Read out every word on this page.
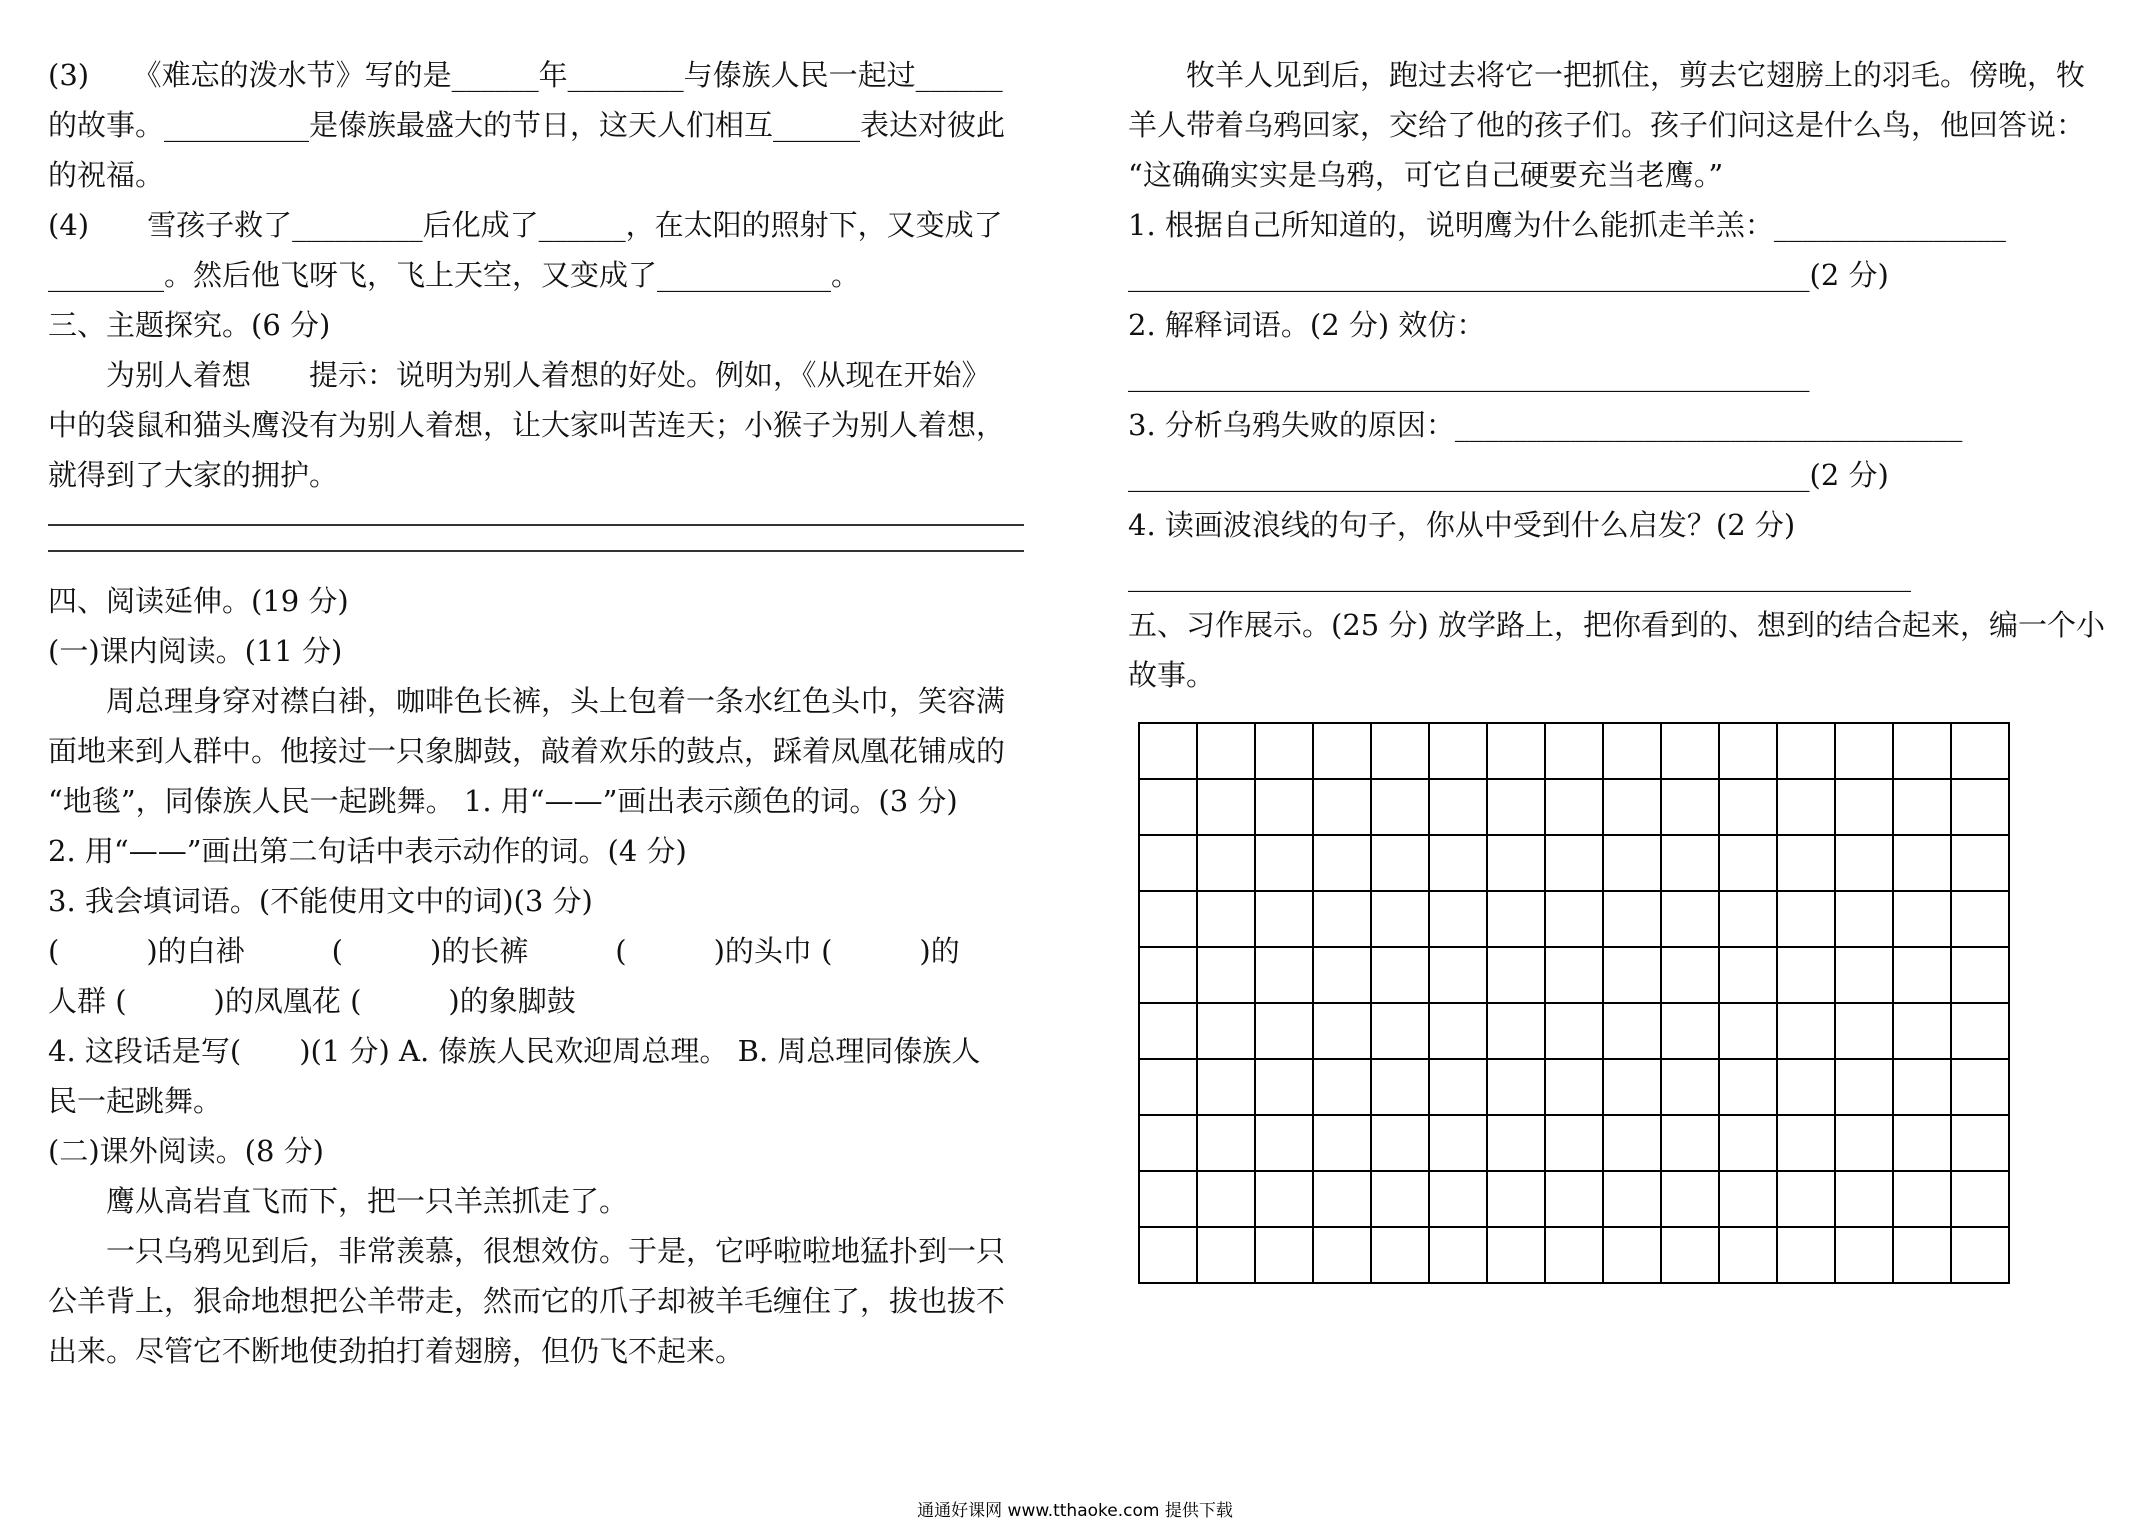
(3)　　《难忘的泼水节》写的是______年________与傣族人民一起过______
的故事。__________是傣族最盛大的节日，这天人们相互______表达对彼此
的祝福。
(4)　　雪孩子救了_________后化成了______，在太阳的照射下，又变成了
________。然后他飞呀飞，飞上天空，又变成了____________。
三、主题探究。(6 分)
为别人着想　　提示：说明为别人着想的好处。例如，《从现在开始》
中的袋鼠和猫头鹰没有为别人着想，让大家叫苦连天；小猴子为别人着想，
就得到了大家的拥护。
四、阅读延伸。(19 分)
(一)课内阅读。(11 分)
周总理身穿对襟白褂，咖啡色长裤，头上包着一条水红色头巾，笑容满
面地来到人群中。他接过一只象脚鼓，敲着欢乐的鼓点，踩着凤凰花铺成的
“地毯”，同傣族人民一起跳舞。 1. 用“——”画出表示颜色的词。(3 分)
2. 用“——”画出第二句话中表示动作的词。(4 分)
3. 我会填词语。(不能使用文中的词)(3 分)
(　　　)的白褂　　　(　　　)的长裤　　　(　　　)的头巾 (　　　)的
人群 (　　　)的凤凰花 (　　　)的象脚鼓
4. 这段话是写(　　)(1 分) A. 傣族人民欢迎周总理。 B. 周总理同傣族人
民一起跳舞。
(二)课外阅读。(8 分)
鹰从高岩直飞而下，把一只羊羔抓走了。
一只乌鸦见到后，非常羡慕，很想效仿。于是，它呼啦啦地猛扑到一只
公羊背上，狠命地想把公羊带走，然而它的爪子却被羊毛缠住了，拔也拔不
出来。尽管它不断地使劲拍打着翅膀，但仍飞不起来。
牧羊人见到后，跑过去将它一把抓住，剪去它翅膀上的羽毛。傍晚，牧
羊人带着乌鸦回家，交给了他的孩子们。孩子们问这是什么鸟，他回答说：
“这确确实实是乌鸦，可它自己硬要充当老鹰。”
1. 根据自己所知道的，说明鹰为什么能抓走羊羔：________________
_______________________________________________(2 分)
2. 解释词语。(2 分) 效仿：
_______________________________________________
3. 分析乌鸦失败的原因：___________________________________
_______________________________________________(2 分)
4. 读画波浪线的句子，你从中受到什么启发？(2 分)
______________________________________________________
五、习作展示。(25 分) 放学路上，把你看到的、想到的结合起来，编一个小
故事。

通通好课网 www.tthaoke.com 提供下载
